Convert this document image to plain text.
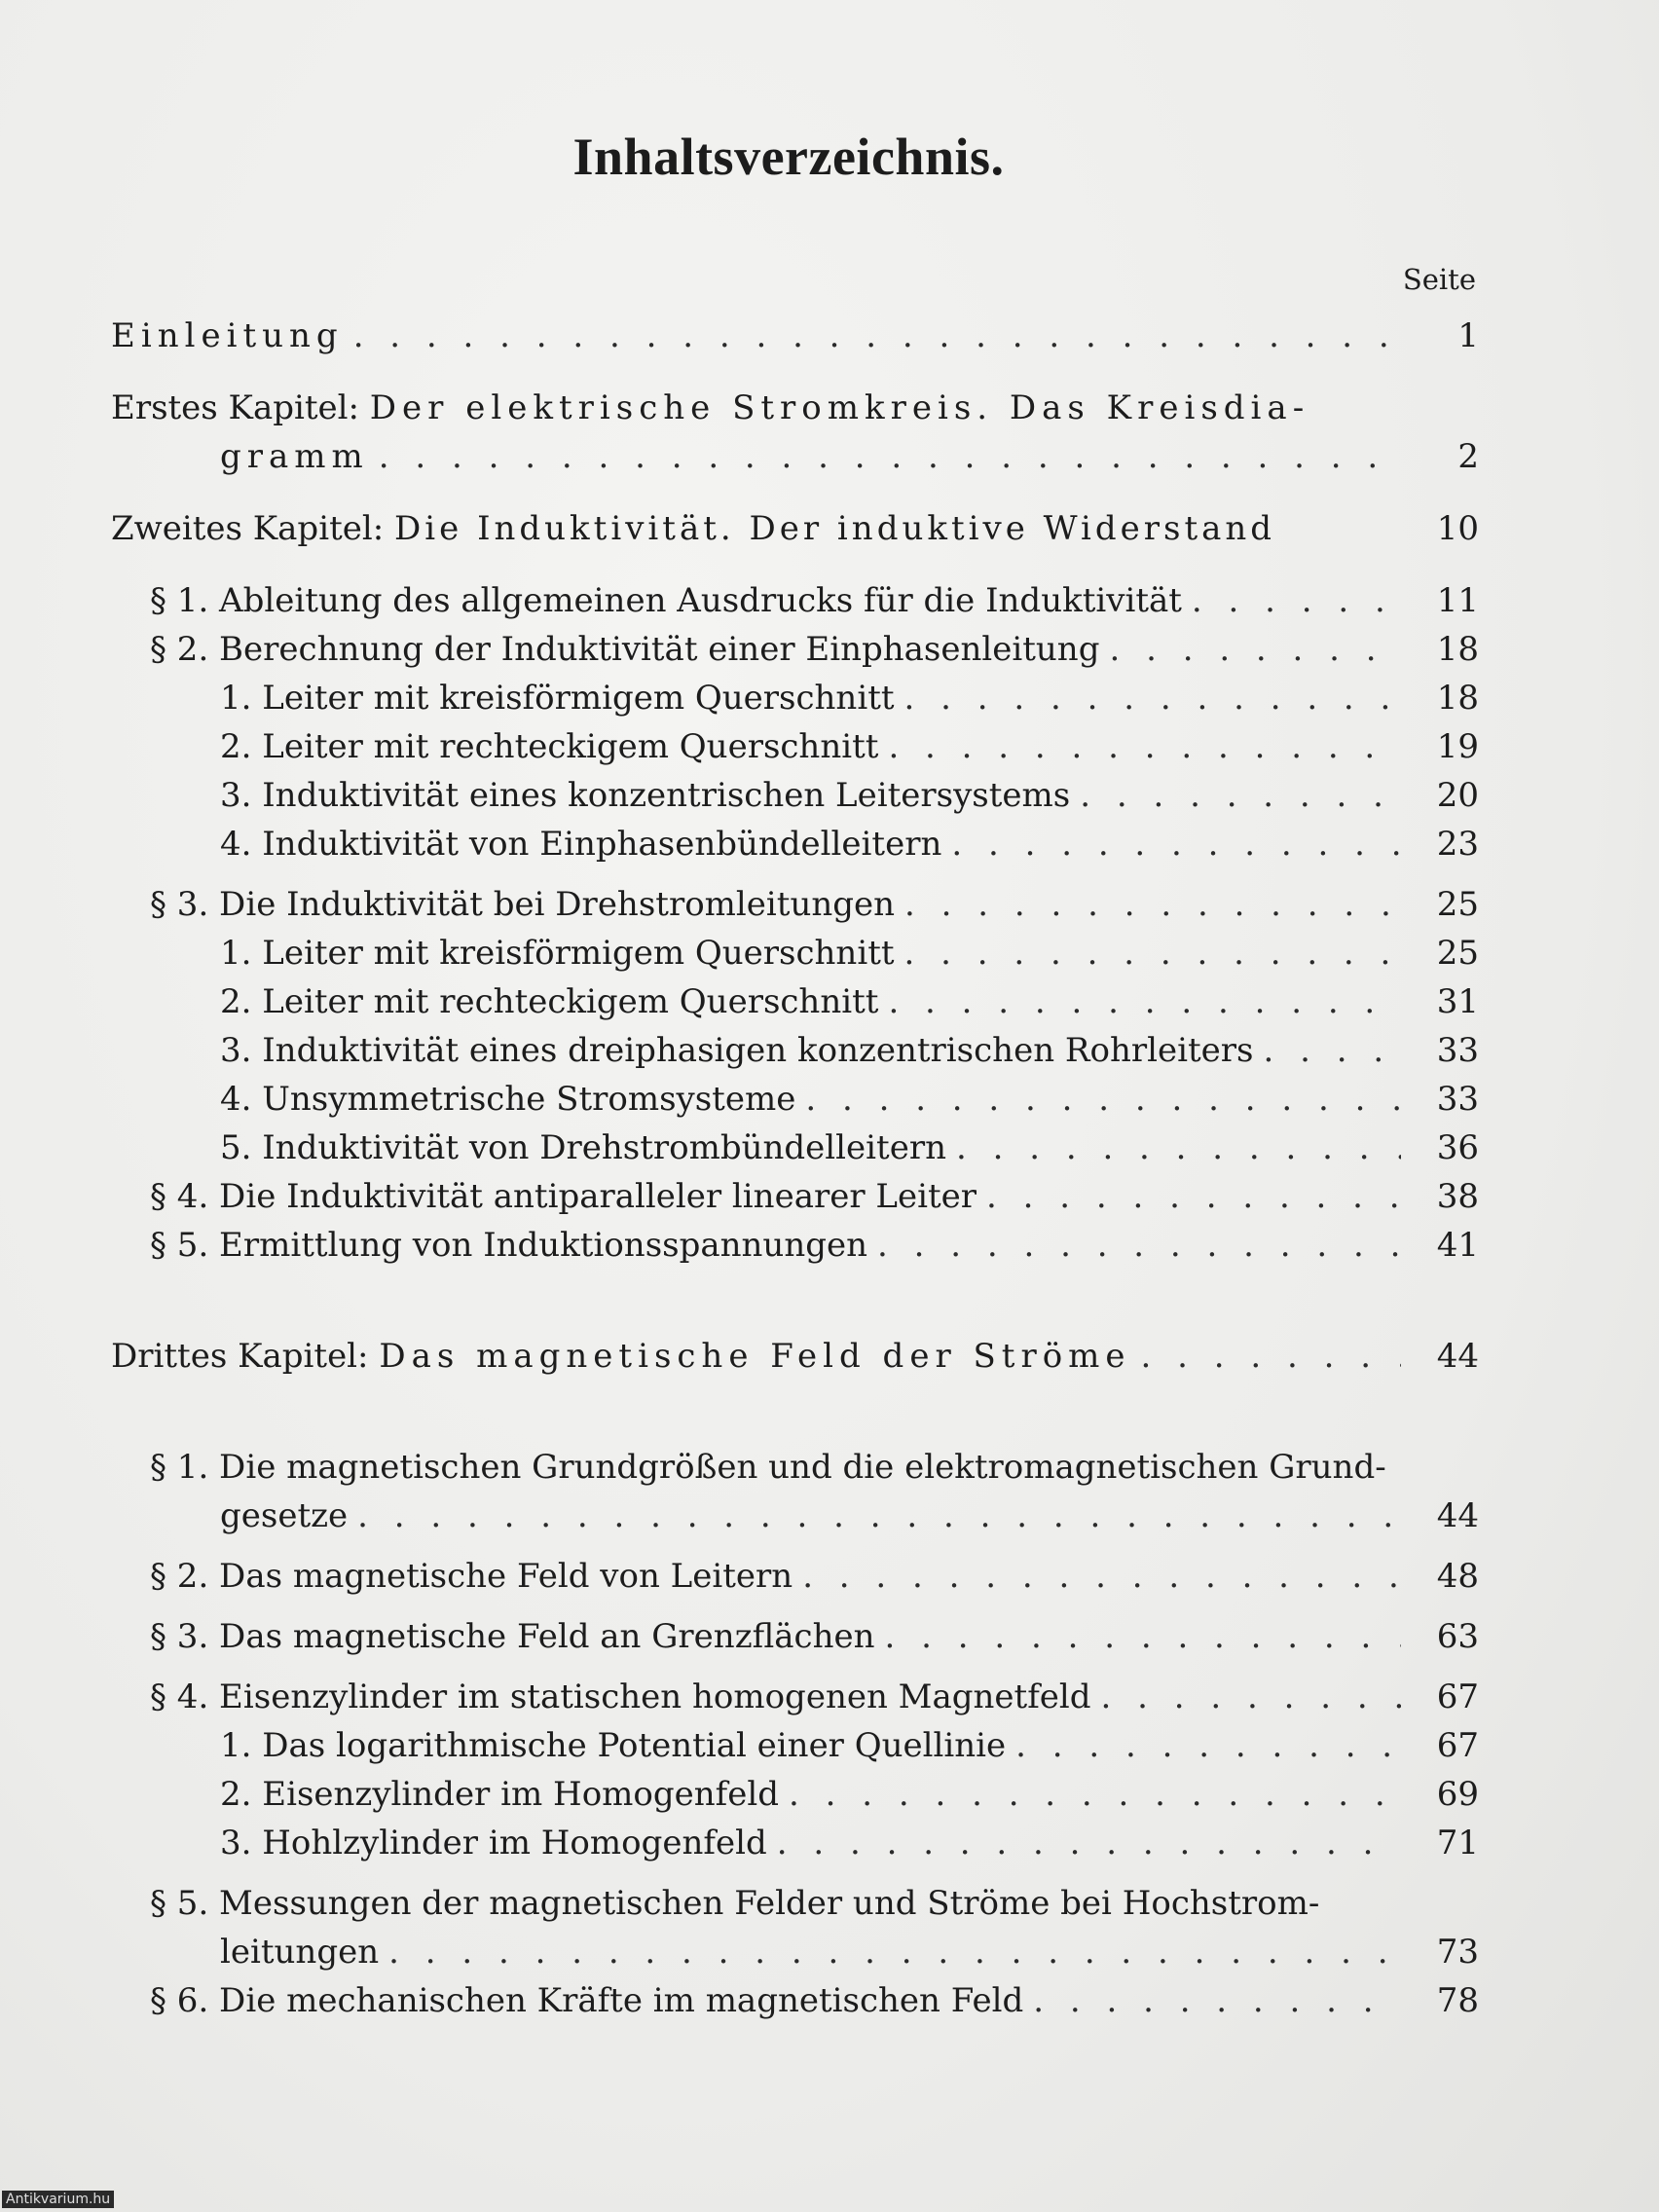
Inhaltsverzeichnis.
Seite
Einleitung . . .	1
Erstes Kapitel: Der elektrische Stromkreis. Das Kreisdia-
gramm . . .	2
Zweites Kapitel: Die Induktivität. Der induktive Widerstand	10
§ 1. Ableitung des allgemeinen Ausdrucks für die Induktivität . . .	11
§ 2. Berechnung der Induktivität einer Einphasenleitung . . .	18
1. Leiter mit kreisförmigem Querschnitt . . .	18
2. Leiter mit rechteckigem Querschnitt . . .	19
3. Induktivität eines konzentrischen Leitersystems . . .	20
4. Induktivität von Einphasenbündelleitern . . .	23
§ 3. Die Induktivität bei Drehstromleitungen . . .	25
1. Leiter mit kreisförmigem Querschnitt . . .	25
2. Leiter mit rechteckigem Querschnitt . . .	31
3. Induktivität eines dreiphasigen konzentrischen Rohrleiters . . .	33
4. Unsymmetrische Stromsysteme . . .	33
5. Induktivität von Drehstrombündelleitern . . .	36
§ 4. Die Induktivität antiparalleler linearer Leiter . . .	38
§ 5. Ermittlung von Induktionsspannungen . . .	41
Drittes Kapitel: Das magnetische Feld der Ströme . . .	44
§ 1. Die magnetischen Grundgrößen und die elektromagnetischen Grund-
gesetze . . .	44
§ 2. Das magnetische Feld von Leitern . . .	48
§ 3. Das magnetische Feld an Grenzflächen . . .	63
§ 4. Eisenzylinder im statischen homogenen Magnetfeld . . .	67
1. Das logarithmische Potential einer Quellinie . . .	67
2. Eisenzylinder im Homogenfeld . . .	69
3. Hohlzylinder im Homogenfeld . . .	71
§ 5. Messungen der magnetischen Felder und Ströme bei Hochstrom-
leitungen . . .	73
§ 6. Die mechanischen Kräfte im magnetischen Feld . . .	78
Antikvarium.hu
